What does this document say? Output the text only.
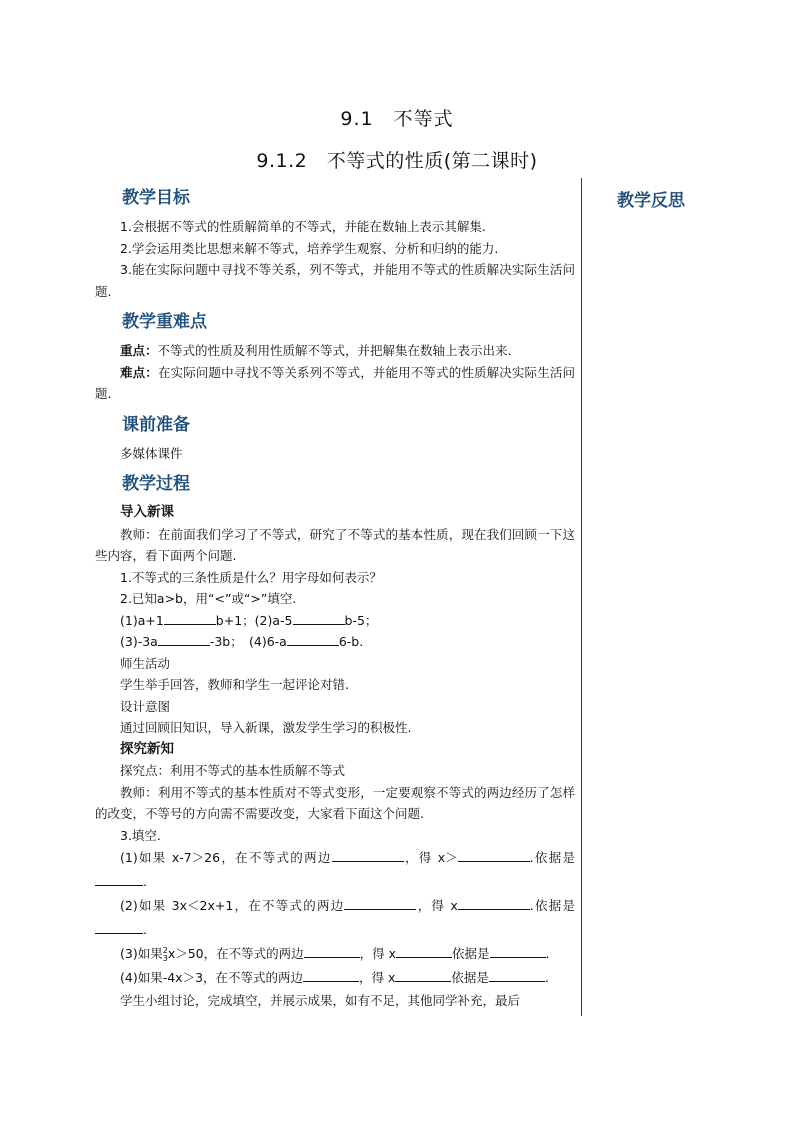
9.1　不等式
9.1.2　不等式的性质(第二课时)
教学反思
教学目标

1.会根据不等式的性质解简单的不等式，并能在数轴上表示其解集.

2.学会运用类比思想来解不等式，培养学生观察、分析和归纳的能力.

3.能在实际问题中寻找不等关系，列不等式，并能用不等式的性质解决实际生活问题.

教学重难点

重点：不等式的性质及利用性质解不等式，并把解集在数轴上表示出来.

难点：在实际问题中寻找不等关系列不等式，并能用不等式的性质解决实际生活问题.

课前准备

多媒体课件

教学过程

导入新课

教师：在前面我们学习了不等式，研究了不等式的基本性质，现在我们回顾一下这些内容，看下面两个问题.

1.不等式的三条性质是什么？用字母如何表示？

2.已知a>b，用“<”或“>”填空.

(1)a+1	b+1；(2)a-5	b-5；

(3)-3a	-3b；　(4)6-a	6-b.

师生活动

学生举手回答，教师和学生一起评论对错.

设计意图

通过回顾旧知识，导入新课，激发学生学习的积极性.

探究新知

探究点：利用不等式的基本性质解不等式

教师：利用不等式的基本性质对不等式变形，一定要观察不等式的两边经历了怎样的改变，不等号的方向需不需要改变，大家看下面这个问题.

3.填空.

(1)如果 x-7＞26，在不等式的两边	，得 x＞	.依据是.

(2)如果 3x＜2x+1，在不等式的两边	，得 x	.依据是.

(3)如果 2
3 x＞50，在不等式的两边	，得 x	依据是	.

(4)如果-4x＞3，在不等式的两边	，得 x	依据是	.

学生小组讨论，完成填空，并展示成果，如有不足，其他同学补充，最后
